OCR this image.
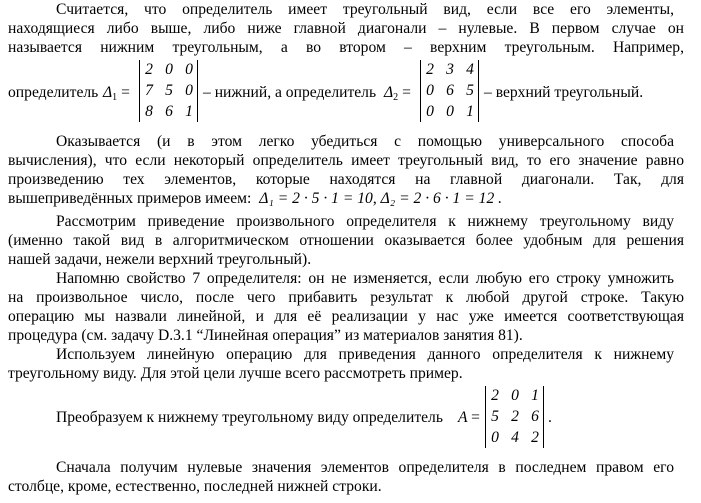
Считается, что определитель имеет треугольный вид, если все его элементы,
находящиеся либо выше, либо ниже главной диагонали – нулевые. В первом случае он
называется нижним треугольным, а во втором – верхним треугольным. Например,
определитель $\Delta_1$ =
2 0 0
7 5 0
8 6 1
– нижний, а определитель $\Delta_2$ =
2 3 4
0 6 5
0 0 1
– верхний треугольный.
Оказывается (и в этом легко убедиться с помощью универсального способа
вычисления), что если некоторый определитель имеет треугольный вид, то его значение равно
произведению тех элементов, которые находятся на главной диагонали. Так, для
вышеприведённых примеров имеем: Δ₁ = 2 · 5 · 1 = 10, Δ₂ = 2 · 6 · 1 = 12 .
Рассмотрим приведение произвольного определителя к нижнему треугольному виду
(именно такой вид в алгоритмическом отношении оказывается более удобным для решения
нашей задачи, нежели верхний треугольный).
Напомню свойство 7 определителя: он не изменяется, если любую его строку умножить
на произвольное число, после чего прибавить результат к любой другой строке. Такую
операцию мы назвали линейной, и для её реализации у нас уже имеется соответствующая
процедура (см. задачу D.3.1 “Линейная операция” из материалов занятия 81).
Используем линейную операцию для приведения данного определителя к нижнему
треугольному виду. Для этой цели лучше всего рассмотреть пример.
Преобразуем к нижнему треугольному виду определитель A =
2 0 1
5 2 6
0 4 2
.
Сначала получим нулевые значения элементов определителя в последнем правом его
столбце, кроме, естественно, последней нижней строки.
